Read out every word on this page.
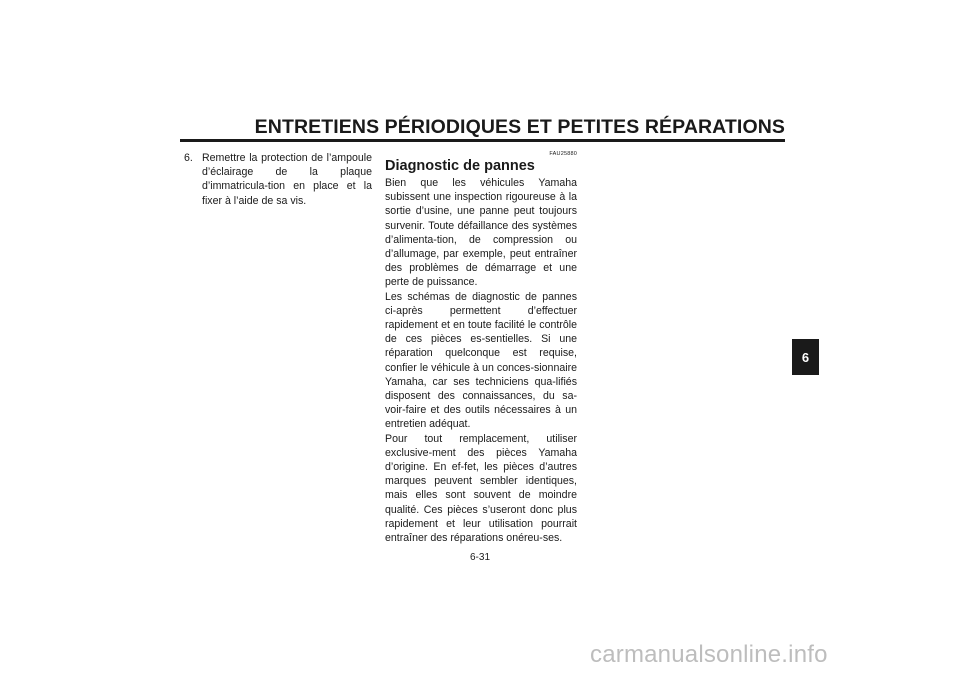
ENTRETIENS PÉRIODIQUES ET PETITES RÉPARATIONS
6. Remettre la protection de l’ampoule d’éclairage de la plaque d’immatricula-tion en place et la fixer à l’aide de sa vis.
FAU25880
Diagnostic de pannes

Bien que les véhicules Yamaha subissent une inspection rigoureuse à la sortie d’usine, une panne peut toujours survenir. Toute défaillance des systèmes d’alimenta-tion, de compression ou d’allumage, par exemple, peut entraîner des problèmes de démarrage et une perte de puissance.

Les schémas de diagnostic de pannes ci-après permettent d’effectuer rapidement et en toute facilité le contrôle de ces pièces es-sentielles. Si une réparation quelconque est requise, confier le véhicule à un conces-sionnaire Yamaha, car ses techniciens qua-lifiés disposent des connaissances, du sa-voir-faire et des outils nécessaires à un entretien adéquat.

Pour tout remplacement, utiliser exclusive-ment des pièces Yamaha d’origine. En ef-fet, les pièces d’autres marques peuvent sembler identiques, mais elles sont souvent de moindre qualité. Ces pièces s’useront donc plus rapidement et leur utilisation pourrait entraîner des réparations onéreu-ses.

6
6-31
carmanualsonline.info
